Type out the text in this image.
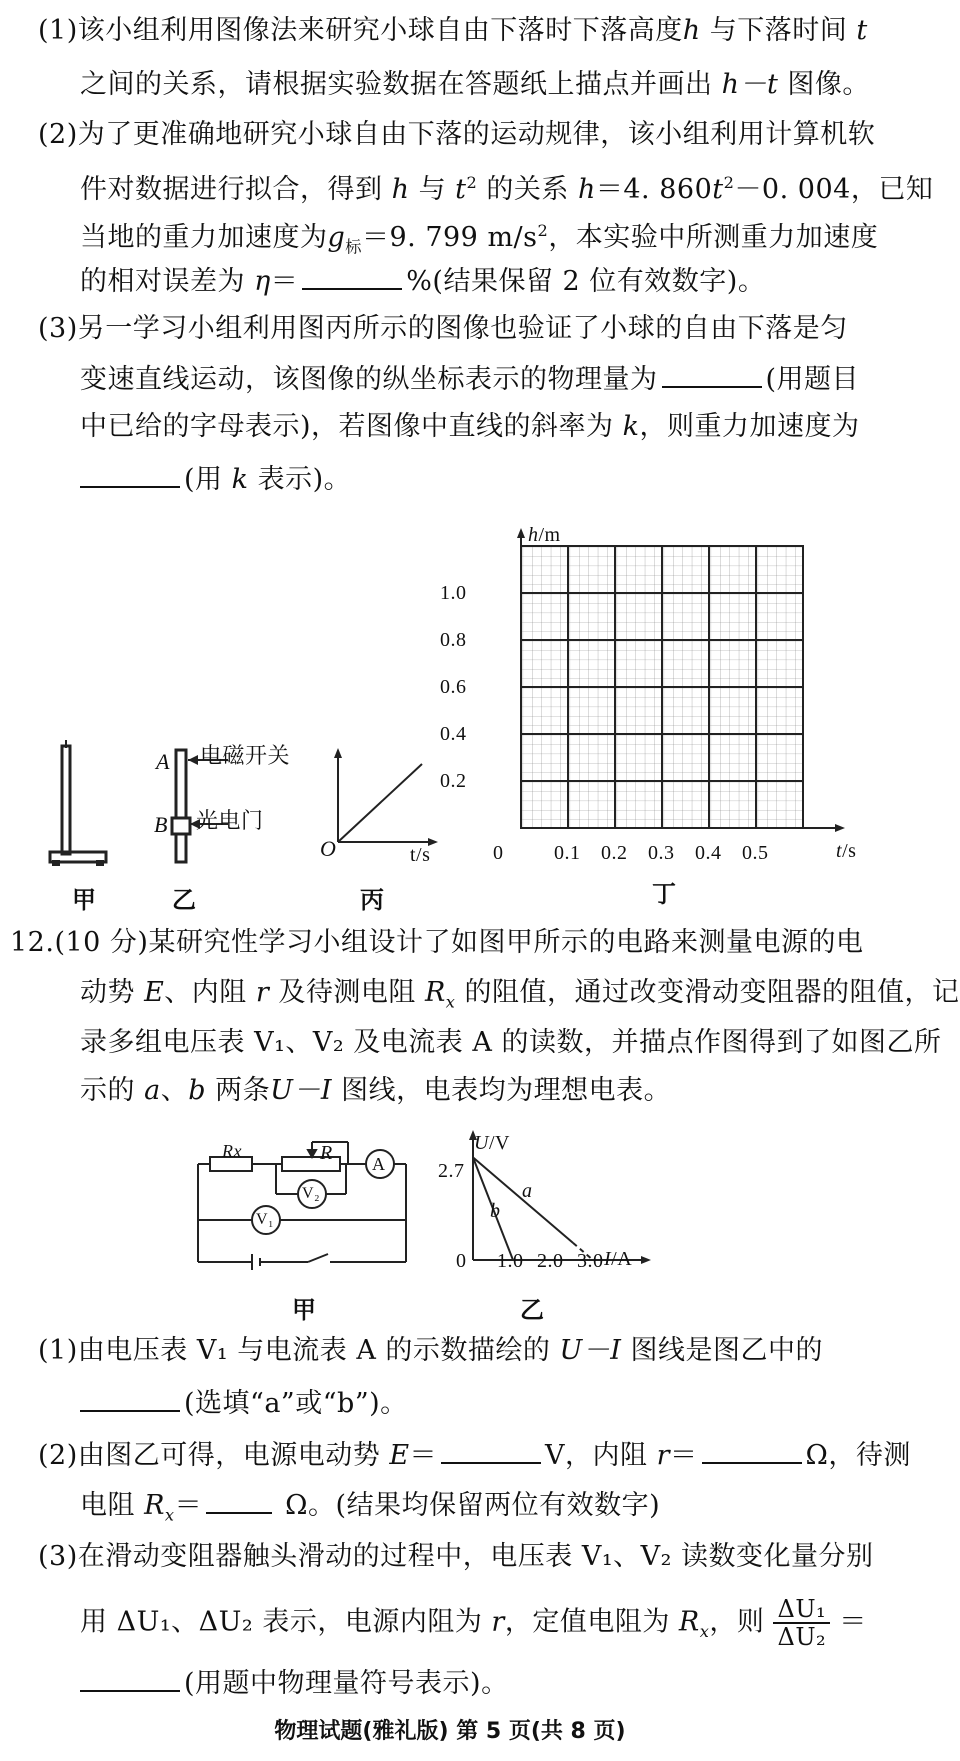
(1)该小组利用图像法来研究小球自由下落时下落高度h 与下落时间 t
之间的关系，请根据实验数据在答题纸上描点并画出 h－t 图像。
(2)为了更准确地研究小球自由下落的运动规律，该小组利用计算机软
件对数据进行拟合，得到 h 与 $t^2$ 的关系 h＝4. $860t^2-0$. 004，已知
当地的重力加速度为$g_标=9$. 799 $m/s^2$，本实验中所测重力加速度
的相对误差为 η＝	%(结果保留 2 位有效数字)。
(3)另一学习小组利用图丙所示的图像也验证了小球的自由下落是匀
变速直线运动，该图像的纵坐标表示的物理量为	(用题目
中已给的字母表示)，若图像中直线的斜率为 k，则重力加速度为
(用 k 表示)。
甲
A
B
电磁开关
光电门
乙
O	t/s
丙
h/m
t/s
1.0
0.8
0.6
0.4
0.2
0	0.1 0.2 0.3 0.4 0.5
丁
12.(10 分)某研究性学习小组设计了如图甲所示的电路来测量电源的电
动势 E、内阻 r 及待测电阻 $R_x$ 的阻值，通过改变滑动变阻器的阻值，记
录多组电压表 V₁、V₂ 及电流表 A 的读数，并描点作图得到了如图乙所
示的 a、b 两条U－I 图线，电表均为理想电表。
Rx	R A
V₂
V₁
甲
U/V
I/A
2.7
0 1.0 2.0 3.0
a
b
乙
(1)由电压表 V₁ 与电流表 A 的示数描绘的 U－I 图线是图乙中的
(选填“a”或“b”)。
(2)由图乙可得，电源电动势 E＝	V，内阻 r＝	Ω，待测
电阻 $R_x=$	Ω。(结果均保留两位有效数字)
(3)在滑动变阻器触头滑动的过程中，电压表 V₁、V₂ 读数变化量分别
用 ΔU₁、ΔU₂ 表示，电源内阻为 r，定值电阻为 $R_x$，则 $\frac{\text{ΔU₁}}{\text{ΔU₂}}$ ＝
(用题中物理量符号表示)。
物理试题(雅礼版) 第 5 页(共 8 页)
